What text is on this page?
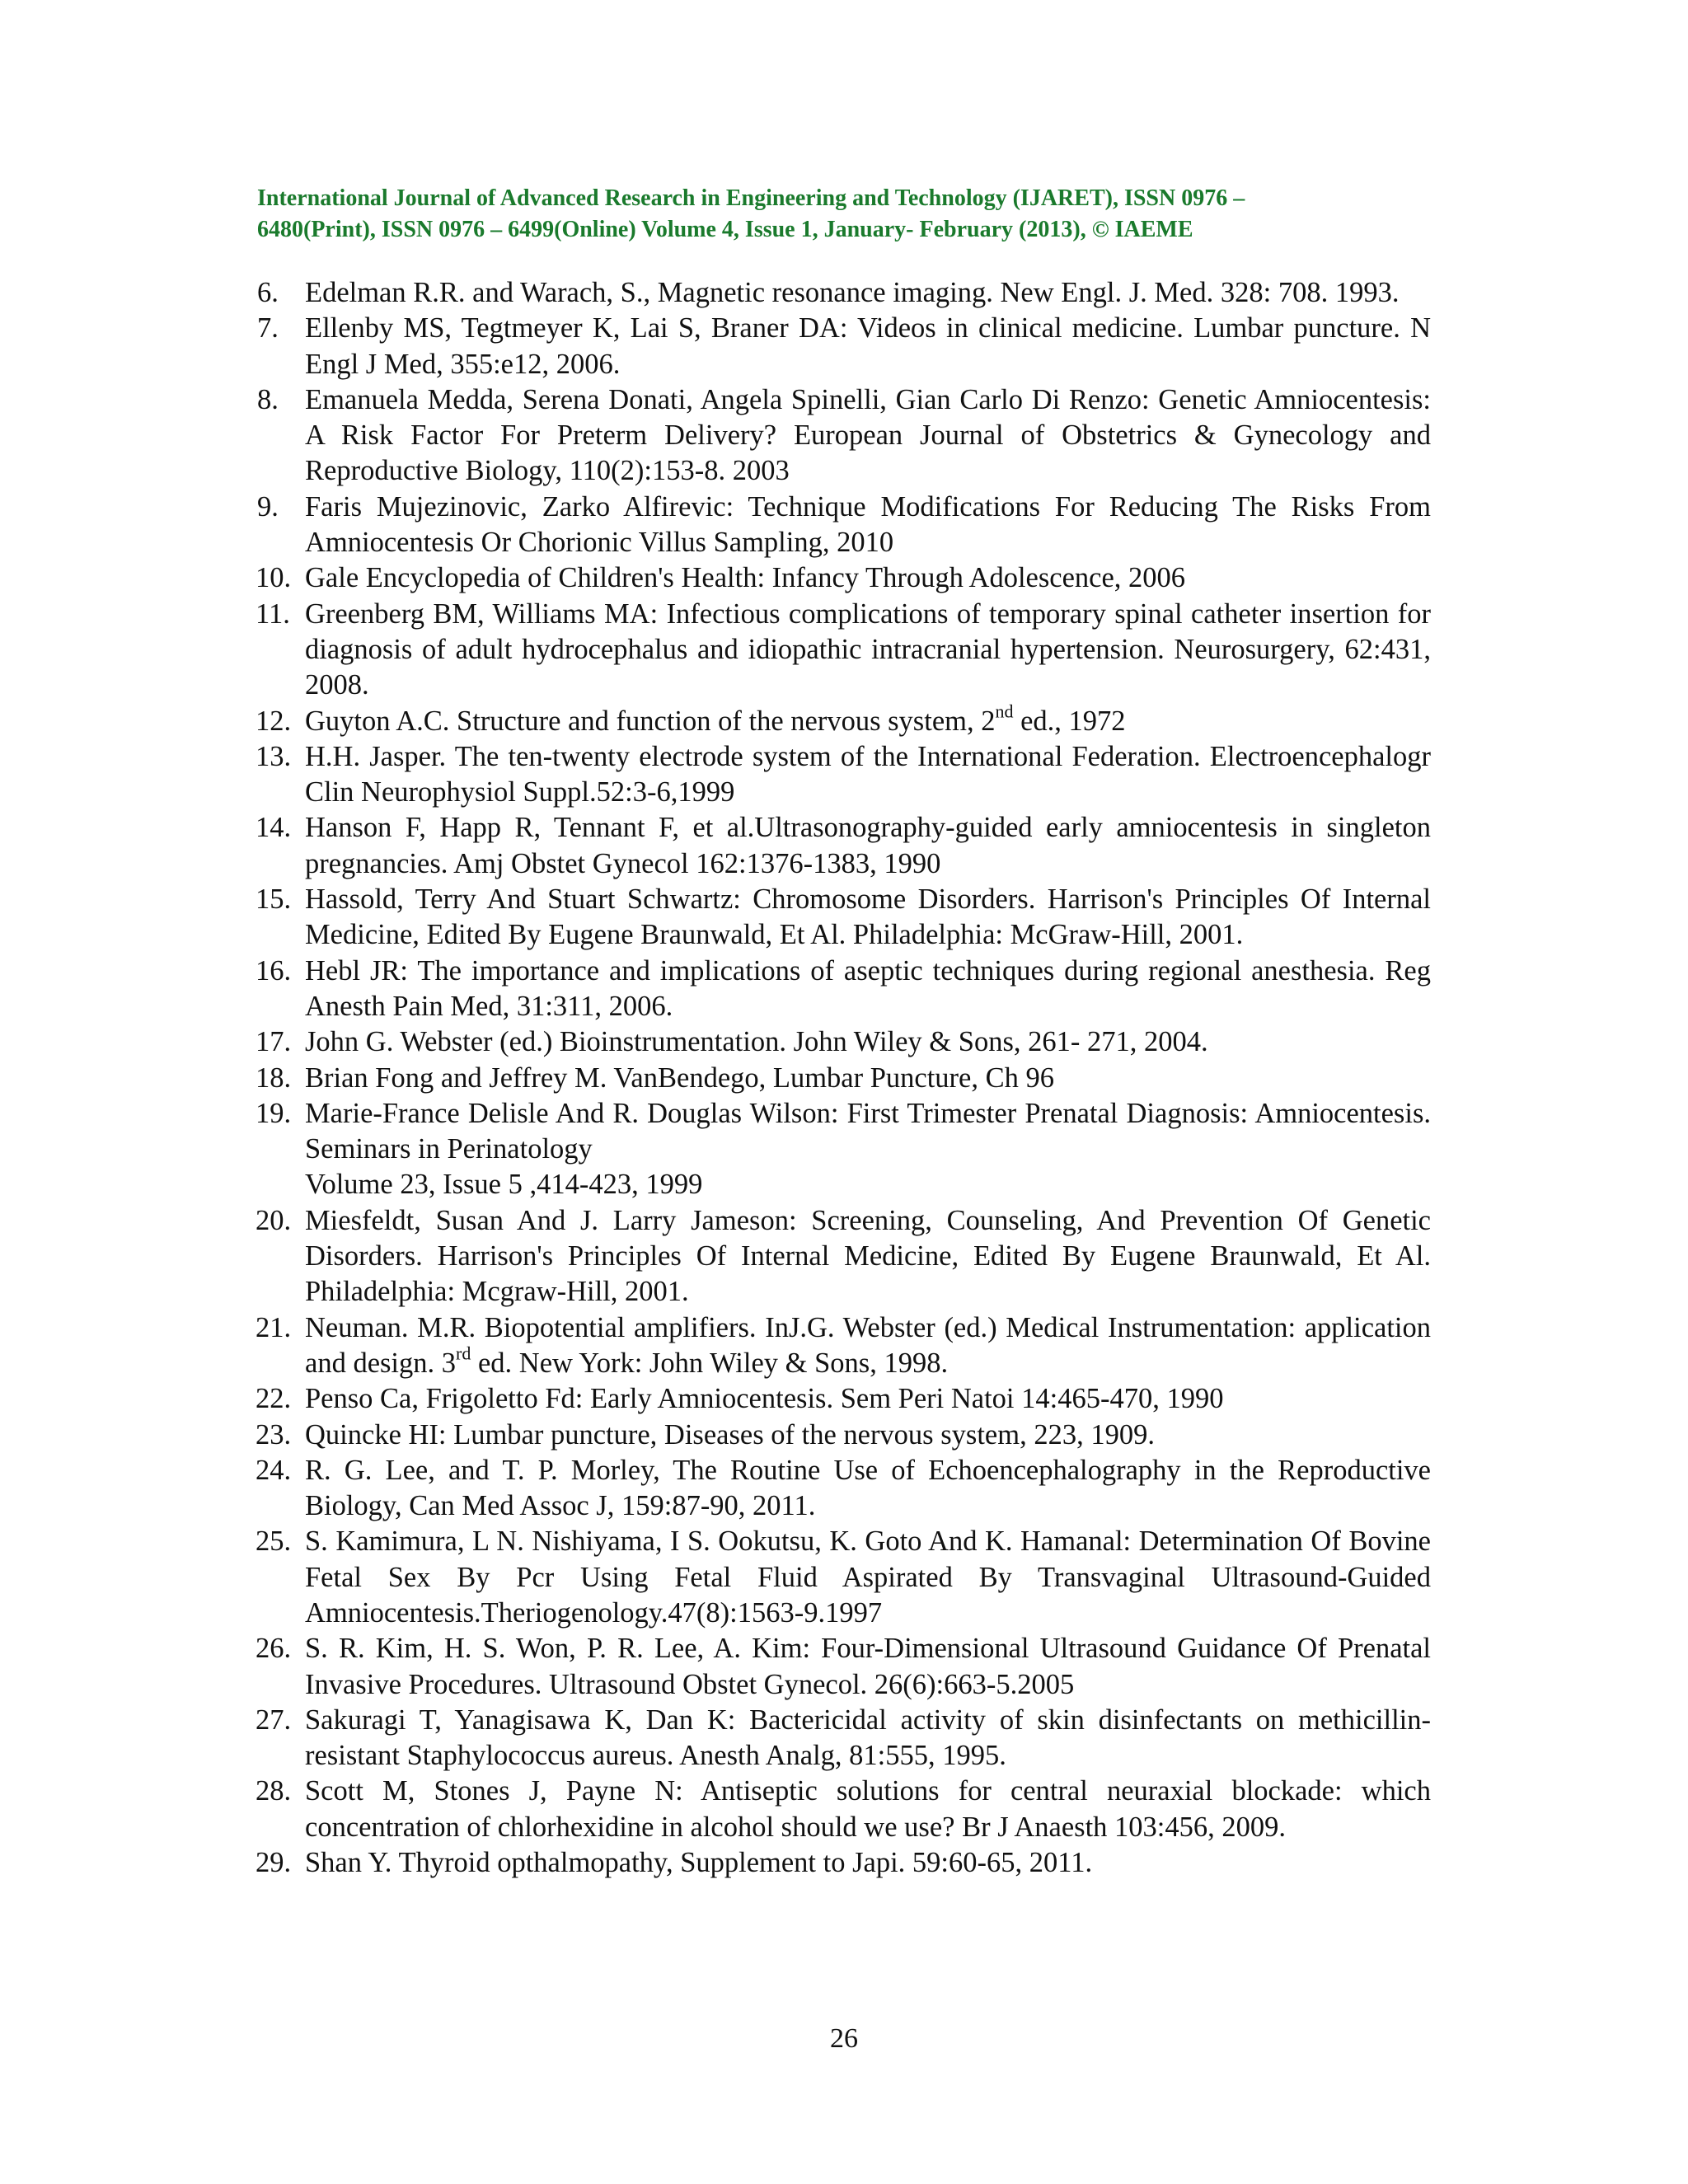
International Journal of Advanced Research in Engineering and Technology (IJARET), ISSN 0976 –
6480(Print), ISSN 0976 – 6499(Online) Volume 4, Issue 1, January- February (2013), © IAEME
6. Edelman R.R. and Warach, S., Magnetic resonance imaging. New Engl. J. Med. 328: 708. 1993.
7. Ellenby MS, Tegtmeyer K, Lai S, Braner DA: Videos in clinical medicine. Lumbar puncture. N Engl J Med, 355:e12, 2006.
8. Emanuela Medda, Serena Donati, Angela Spinelli, Gian Carlo Di Renzo: Genetic Amniocentesis: A Risk Factor For Preterm Delivery? European Journal of Obstetrics & Gynecology and Reproductive Biology, 110(2):153-8. 2003
9. Faris Mujezinovic, Zarko Alfirevic: Technique Modifications For Reducing The Risks From Amniocentesis Or Chorionic Villus Sampling, 2010
10. Gale Encyclopedia of Children's Health: Infancy Through Adolescence, 2006
11. Greenberg BM, Williams MA: Infectious complications of temporary spinal catheter insertion for diagnosis of adult hydrocephalus and idiopathic intracranial hypertension. Neurosurgery, 62:431, 2008.
12. Guyton A.C. Structure and function of the nervous system, 2nd ed., 1972
13. H.H. Jasper. The ten-twenty electrode system of the International Federation. Electroencephalogr Clin Neurophysiol Suppl.52:3-6,1999
14. Hanson F, Happ R, Tennant F, et al.Ultrasonography-guided early amniocentesis in singleton pregnancies. Amj Obstet Gynecol 162:1376-1383, 1990
15. Hassold, Terry And Stuart Schwartz: Chromosome Disorders. Harrison's Principles Of Internal Medicine, Edited By Eugene Braunwald, Et Al. Philadelphia: McGraw-Hill, 2001.
16. Hebl JR: The importance and implications of aseptic techniques during regional anesthesia. Reg Anesth Pain Med, 31:311, 2006.
17. John G. Webster (ed.) Bioinstrumentation. John Wiley & Sons, 261- 271, 2004.
18. Brian Fong and Jeffrey M. VanBendego, Lumbar Puncture, Ch 96
19. Marie-France Delisle And R. Douglas Wilson: First Trimester Prenatal Diagnosis: Amniocentesis. Seminars in Perinatology
Volume 23, Issue 5 ,414-423, 1999
20. Miesfeldt, Susan And J. Larry Jameson: Screening, Counseling, And Prevention Of Genetic Disorders. Harrison's Principles Of Internal Medicine, Edited By Eugene Braunwald, Et Al. Philadelphia: Mcgraw-Hill, 2001.
21. Neuman. M.R. Biopotential amplifiers. InJ.G. Webster (ed.) Medical Instrumentation: application and design. 3rd ed. New York: John Wiley & Sons, 1998.
22. Penso Ca, Frigoletto Fd: Early Amniocentesis. Sem Peri Natoi 14:465-470, 1990
23. Quincke HI: Lumbar puncture, Diseases of the nervous system, 223, 1909.
24. R. G. Lee, and T. P. Morley, The Routine Use of Echoencephalography in the Reproductive Biology, Can Med Assoc J, 159:87-90, 2011.
25. S. Kamimura, L N. Nishiyama, I S. Ookutsu, K. Goto And K. Hamanal: Determination Of Bovine Fetal Sex By Pcr Using Fetal Fluid Aspirated By Transvaginal Ultrasound-Guided Amniocentesis.Theriogenology.47(8):1563-9.1997
26. S. R. Kim, H. S. Won, P. R. Lee, A. Kim: Four-Dimensional Ultrasound Guidance Of Prenatal Invasive Procedures. Ultrasound Obstet Gynecol. 26(6):663-5.2005
27. Sakuragi T, Yanagisawa K, Dan K: Bactericidal activity of skin disinfectants on methicillin-resistant Staphylococcus aureus. Anesth Analg, 81:555, 1995.
28. Scott M, Stones J, Payne N: Antiseptic solutions for central neuraxial blockade: which concentration of chlorhexidine in alcohol should we use? Br J Anaesth 103:456, 2009.
29. Shan Y. Thyroid opthalmopathy, Supplement to Japi. 59:60-65, 2011.
26
